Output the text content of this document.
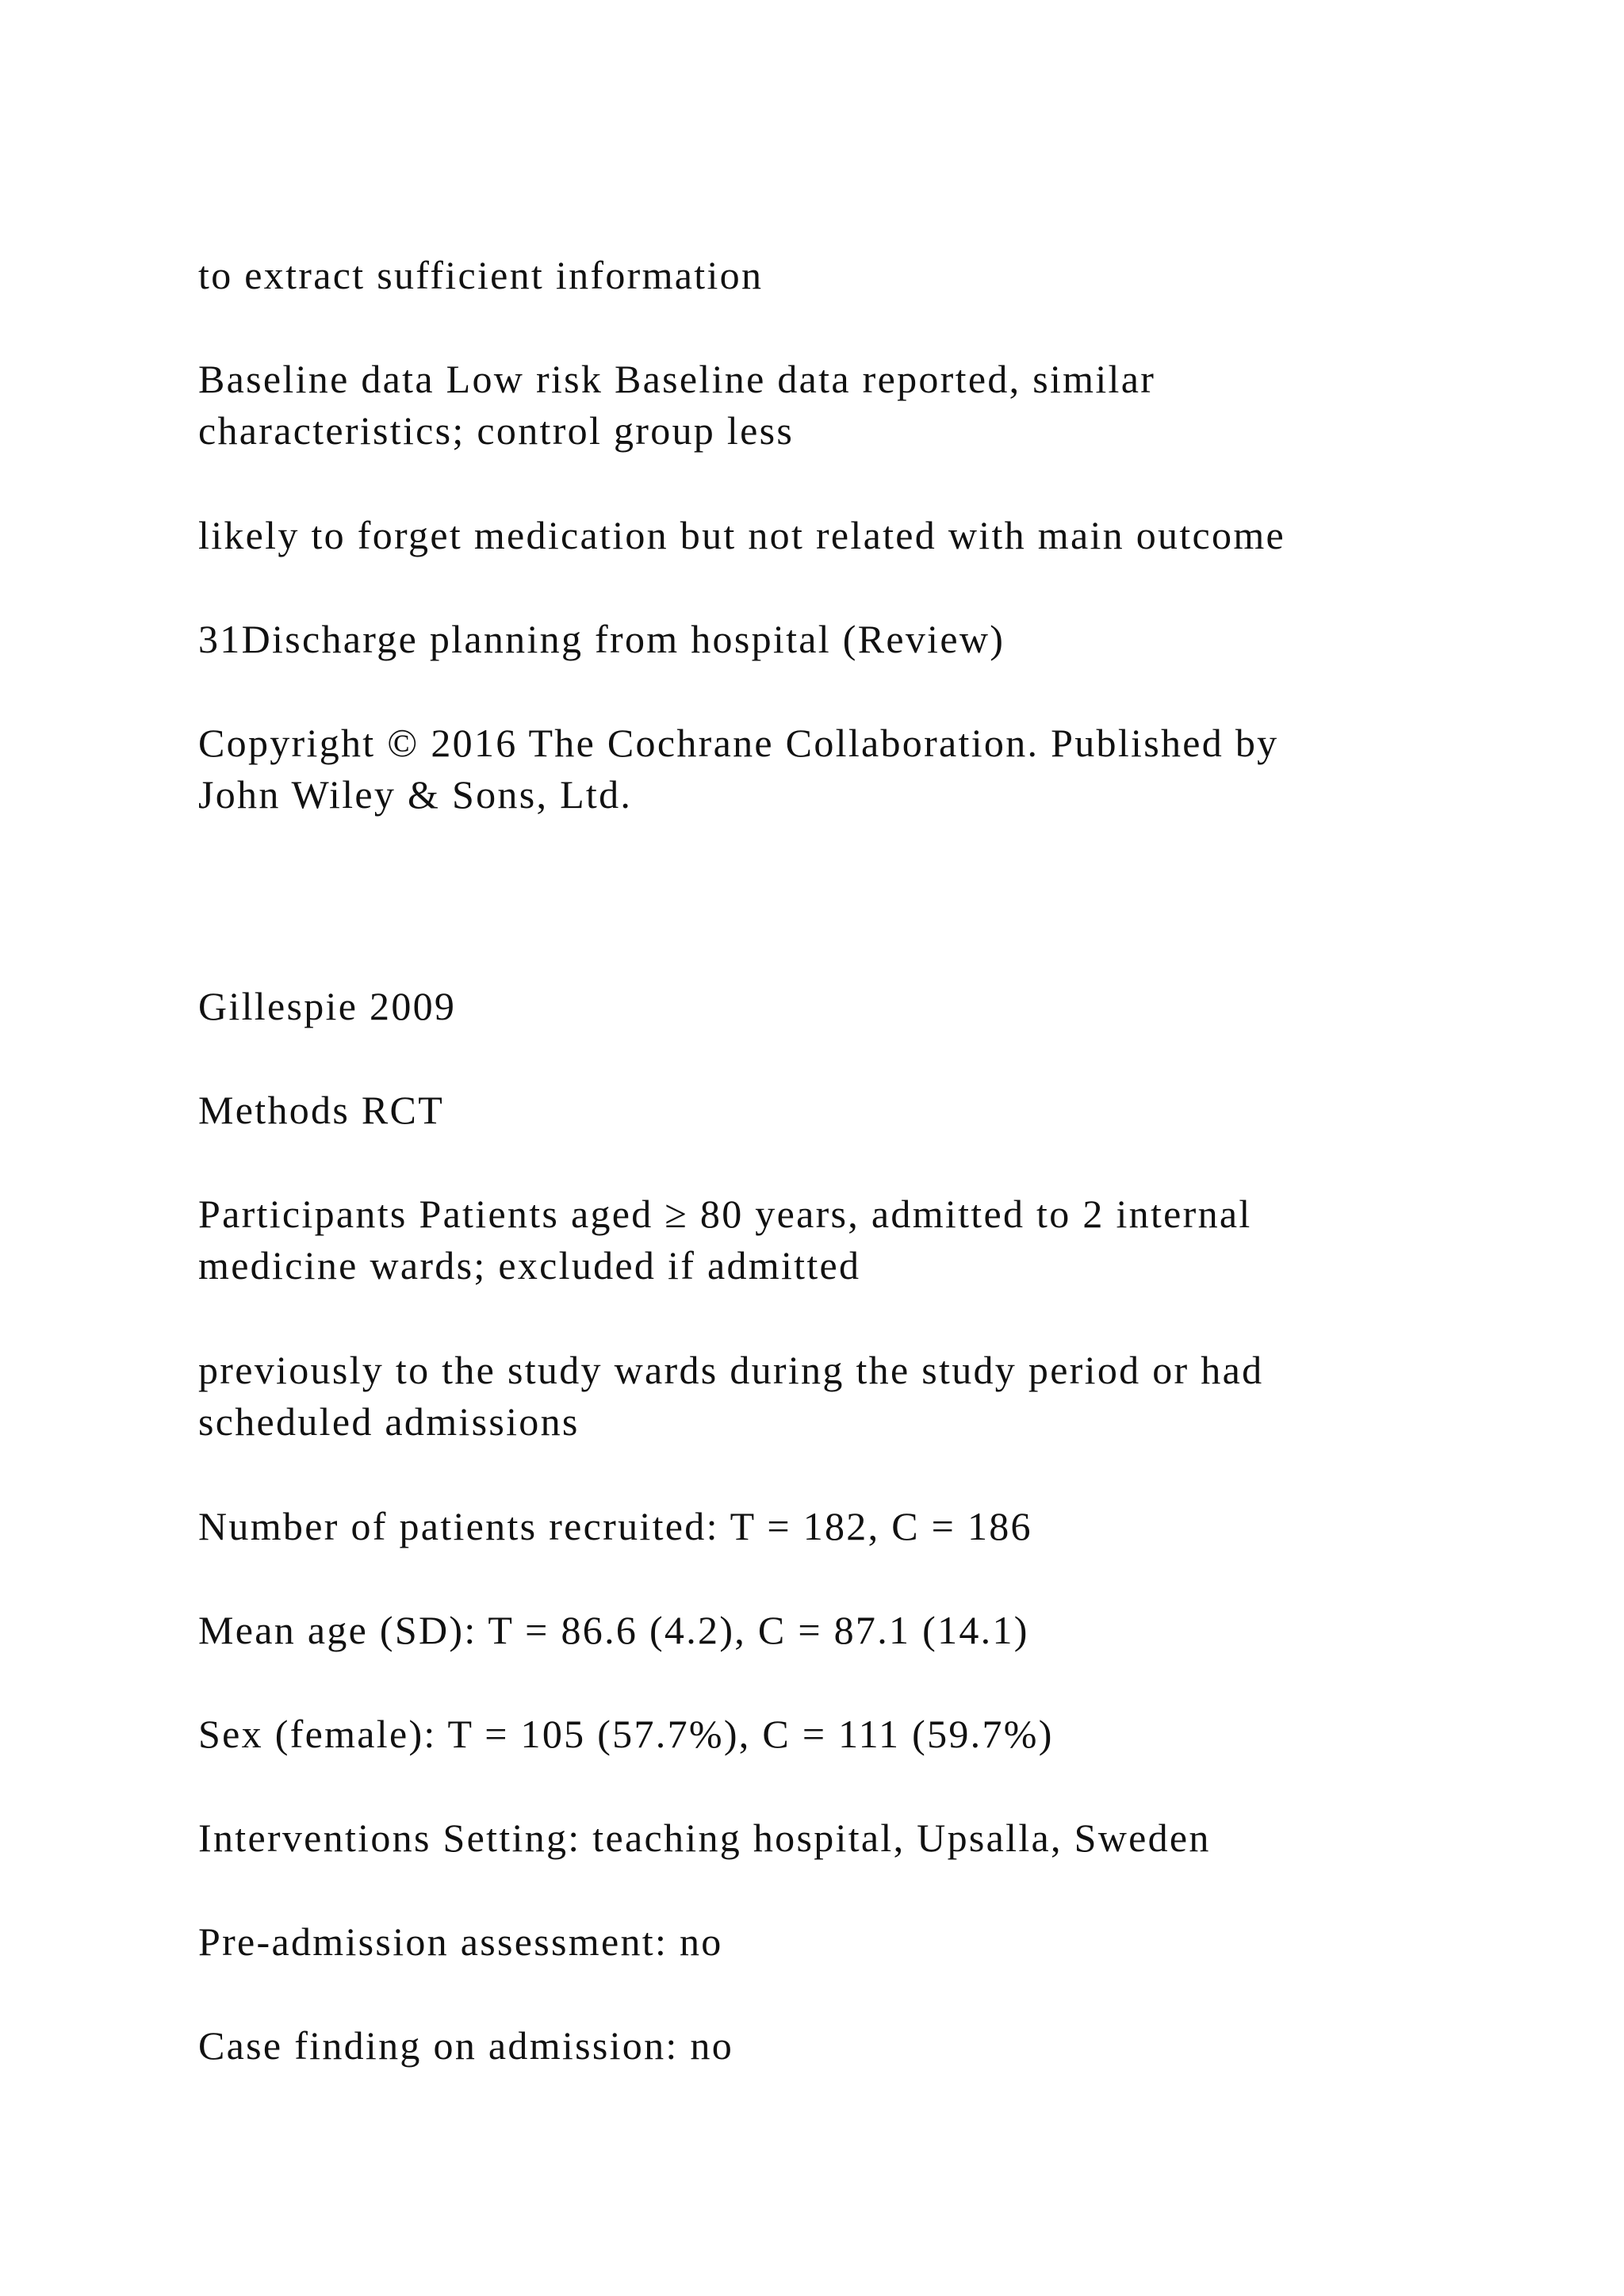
to extract sufficient information

Baseline data Low risk Baseline data reported, similar
characteristics; control group less

likely to forget medication but not related with main outcome

31Discharge planning from hospital (Review)

Copyright © 2016 The Cochrane Collaboration. Published by
John Wiley & Sons, Ltd.

Gillespie 2009

Methods RCT

Participants Patients aged ≥ 80 years, admitted to 2 internal
medicine wards; excluded if admitted

previously to the study wards during the study period or had
scheduled admissions

Number of patients recruited: T = 182, C = 186

Mean age (SD): T = 86.6 (4.2), C = 87.1 (14.1)

Sex (female): T = 105 (57.7%), C = 111 (59.7%)

Interventions Setting: teaching hospital, Upsalla, Sweden

Pre-admission assessment: no

Case finding on admission: no
